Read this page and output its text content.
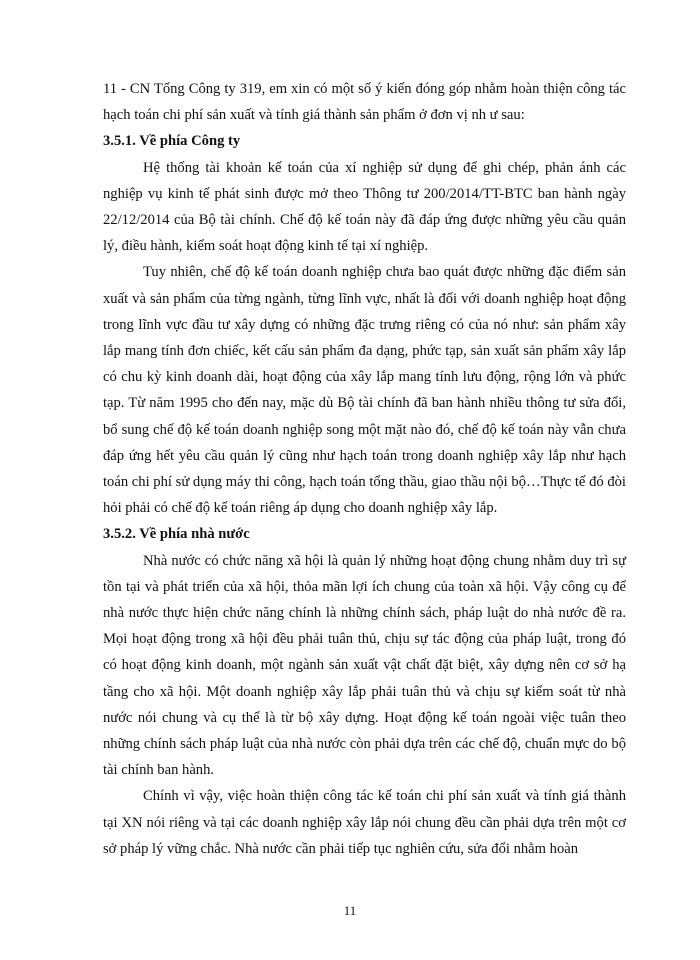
11 - CN Tổng Công ty 319, em xin có một số ý kiến đóng góp nhằm hoàn thiện công tác hạch toán chi phí sản xuất và tính giá thành sản phẩm ở đơn vị nh ư sau:

3.5.1. Về phía Công ty

Hệ thống tài khoản kế toán của xí nghiệp sử dụng để ghi chép, phản ánh các nghiệp vụ kinh tế phát sinh được mở theo Thông tư 200/2014/TT-BTC ban hành ngày 22/12/2014 của Bộ tài chính. Chế độ kế toán này đã đáp ứng được những yêu cầu quản lý, điều hành, kiểm soát hoạt động kinh tế tại xí nghiệp.

Tuy nhiên, chế độ kế toán doanh nghiệp chưa bao quát được những đặc điểm sản xuất và sản phẩm của từng ngành, từng lĩnh vực, nhất là đối với doanh nghiệp hoạt động trong lĩnh vực đầu tư xây dựng có những đặc trưng riêng có của nó như: sản phẩm xây lắp mang tính đơn chiếc, kết cấu sản phẩm đa dạng, phức tạp, sản xuất sản phẩm xây lắp có chu kỳ kinh doanh dài, hoạt động của xây lắp mang tính lưu động, rộng lớn và phức tạp. Từ năm 1995 cho đến nay, mặc dù Bộ tài chính đã ban hành nhiều thông tư sửa đổi, bổ sung chế độ kế toán doanh nghiệp song một mặt nào đó, chế độ kế toán này vẫn chưa đáp ứng hết yêu cầu quản lý cũng như hạch toán trong doanh nghiệp xây lắp như hạch toán chi phí sử dụng máy thi công, hạch toán tổng thầu, giao thầu nội bộ…Thực tế đó đòi hỏi phải có chế độ kế toán riêng áp dụng cho doanh nghiệp xây lắp.

3.5.2. Về phía nhà nước

Nhà nước có chức năng xã hội là quản lý những hoạt động chung nhằm duy trì sự tồn tại và phát triển của xã hội, thỏa mãn lợi ích chung của toàn xã hội. Vậy công cụ để nhà nước thực hiện chức năng chính là những chính sách, pháp luật do nhà nước đề ra. Mọi hoạt động trong xã hội đều phải tuân thủ, chịu sự tác động của pháp luật, trong đó có hoạt động kinh doanh, một ngành sản xuất vật chất đặt biệt, xây dựng nên cơ sở hạ tầng cho xã hội. Một doanh nghiệp xây lắp phải tuân thủ và chịu sự kiểm soát từ nhà nước nói chung và cụ thể là từ bộ xây dựng. Hoạt động kế toán ngoài việc tuân theo những chính sách pháp luật của nhà nước còn phải dựa trên các chế độ, chuẩn mực do bộ tài chính ban hành.

Chính vì vậy, việc hoàn thiện công tác kế toán chi phí sản xuất và tính giá thành tại XN nói riêng và tại các doanh nghiệp xây lắp nói chung đều cần phải dựa trên một cơ sở pháp lý vững chắc. Nhà nước cần phải tiếp tục nghiên cứu, sửa đổi nhằm hoàn

11
